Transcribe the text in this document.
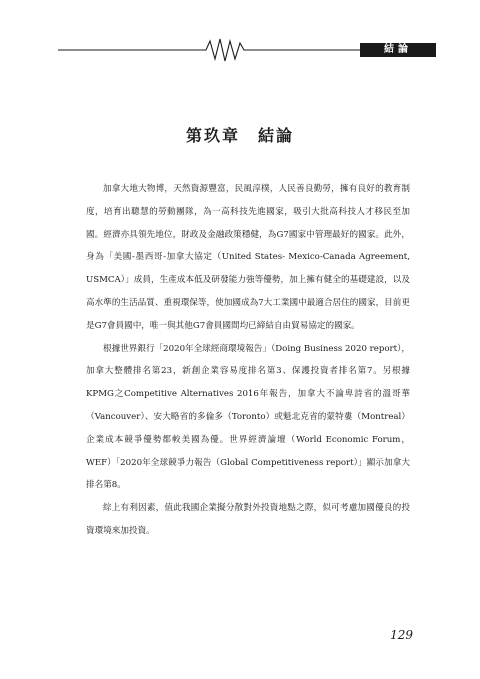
結論
第玖章　結論

加拿大地大物博，天然資源豐富，民風淳樸，人民善良勤勞，擁有良好的教育制度，培育出聰慧的勞動團隊，為一高科技先進國家，吸引大批高科技人才移民至加國。經濟亦具領先地位，財政及金融政策穩健，為G7國家中管理最好的國家。此外，身為「美國-墨西哥-加拿大協定（United States- Mexico-Canada Agreement, USMCA）」成員，生產成本低及研發能力強等優勢，加上擁有健全的基礎建設，以及高水準的生活品質、重視環保等，使加國成為7大工業國中最適合居住的國家，目前更是G7會員國中，唯一與其他G7會員國間均已締結自由貿易協定的國家。

根據世界銀行「2020年全球經商環境報告」（Doing Business 2020 report），加拿大整體排名第23，新創企業容易度排名第3、保護投資者排名第7。另根據KPMG之Competitive Alternatives 2016年報告，加拿大不論卑詩省的溫哥華（Vancouver）、安大略省的多倫多（Toronto）或魁北克省的蒙特婁（Montreal）企業成本競爭優勢都較美國為優。世界經濟論壇（World Economic Forum，WEF）「2020年全球競爭力報告（Global Competitiveness report）」顯示加拿大排名第8。

綜上有利因素，值此我國企業擬分散對外投資地點之際，似可考慮加國優良的投資環境來加投資。

129
